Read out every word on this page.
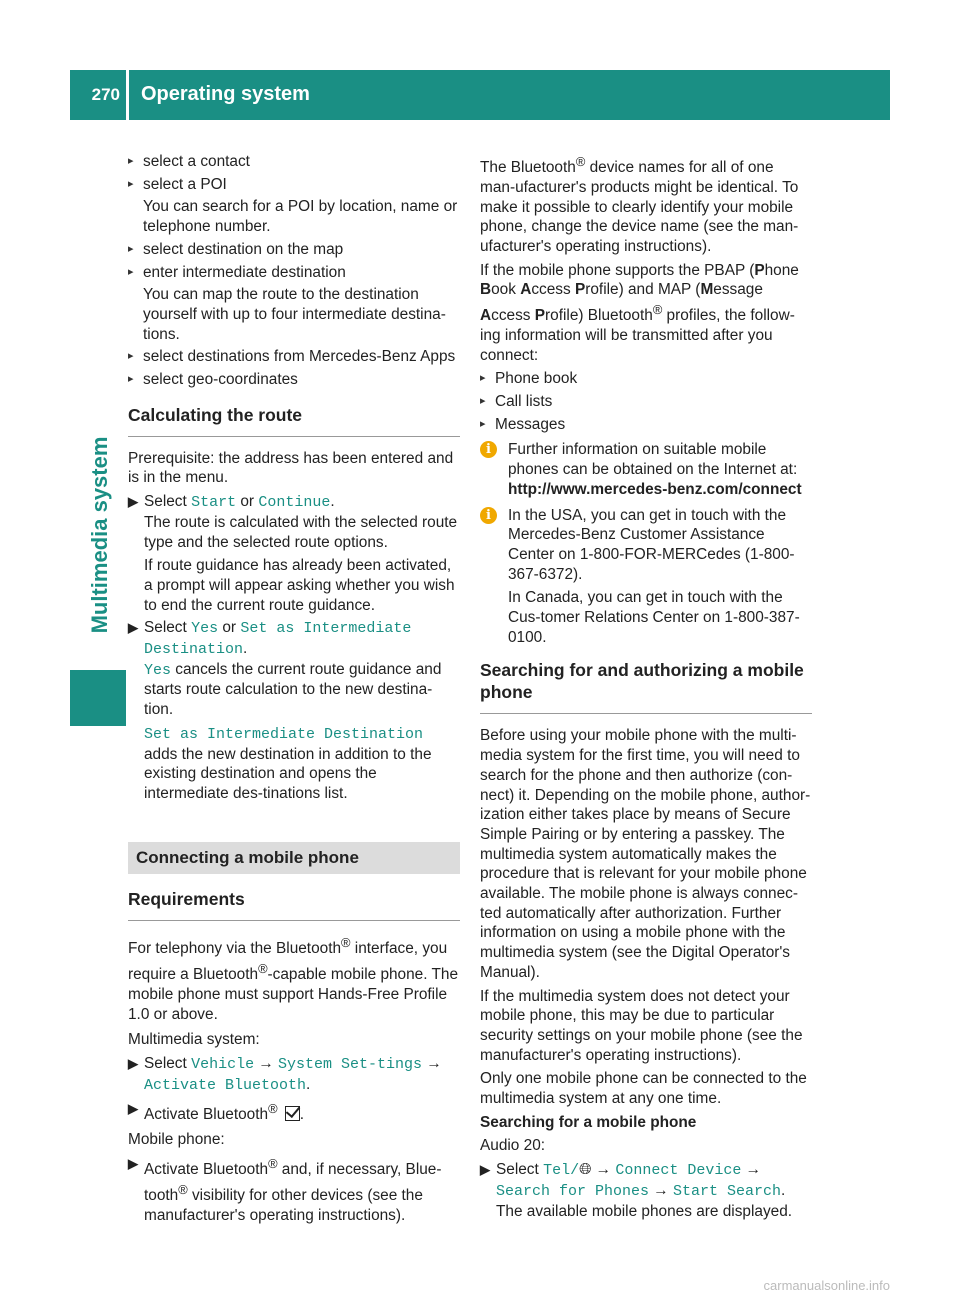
270 Operating system
Multimedia system
▸ select a contact
▸ select a POI
You can search for a POI by location, name or telephone number.
▸ select destination on the map
▸ enter intermediate destination
You can map the route to the destination yourself with up to four intermediate destina-tions.
▸ select destinations from Mercedes-Benz Apps
▸ select geo-coordinates
Calculating the route

Prerequisite: the address has been entered and is in the menu.

▶ Select Start or Continue.
The route is calculated with the selected route type and the selected route options.
If route guidance has already been activated, a prompt will appear asking whether you wish to end the current route guidance.
▶ Select Yes or Set as Intermediate Destination.
Yes cancels the current route guidance and starts route calculation to the new destina-tion.
Set as Intermediate Destination adds the new destination in addition to the existing destination and opens the intermediate des-tinations list.
Connecting a mobile phone
Requirements

For telephony via the Bluetooth® interface, you require a Bluetooth®-capable mobile phone. The mobile phone must support Hands-Free Profile 1.0 or above.

Multimedia system:

▶ Select Vehicle → System Set-tings → Activate Bluetooth.
▶ Activate Bluetooth® .

Mobile phone:

▶ Activate Bluetooth® and, if necessary, Blue-tooth® visibility for other devices (see the manufacturer's operating instructions).

The Bluetooth® device names for all of one man-ufacturer's products might be identical. To make it possible to clearly identify your mobile phone, change the device name (see the man-ufacturer's operating instructions).

If the mobile phone supports the PBAP (Phone Book Access Profile) and MAP (Message Access Profile) Bluetooth® profiles, the follow-ing information will be transmitted after you connect:

▸ Phone book
▸ Call lists
▸ Messages
i	Further information on suitable mobile phones can be obtained on the Internet at:
http://www.mercedes-benz.com/connect
i	In the USA, you can get in touch with the Mercedes-Benz Customer Assistance Center on 1-800-FOR-MERCedes (1-800-367-6372).
In Canada, you can get in touch with the Cus-tomer Relations Center on 1-800-387-0100.
Searching for and authorizing a mobile phone

Before using your mobile phone with the multi-media system for the first time, you will need to search for the phone and then authorize (con-nect) it. Depending on the mobile phone, author-ization either takes place by means of Secure Simple Pairing or by entering a passkey. The multimedia system automatically makes the procedure that is relevant for your mobile phone available. The mobile phone is always connec-ted automatically after authorization. Further information on using a mobile phone with the multimedia system (see the Digital Operator's Manual).

If the multimedia system does not detect your mobile phone, this may be due to particular security settings on your mobile phone (see the manufacturer's operating instructions).

Only one mobile phone can be connected to the multimedia system at any one time.

Searching for a mobile phone

Audio 20:

▶ Select Tel/🌐︎ → Connect Device → Search for Phones → Start Search.
The available mobile phones are displayed.
carmanualsonline.info
